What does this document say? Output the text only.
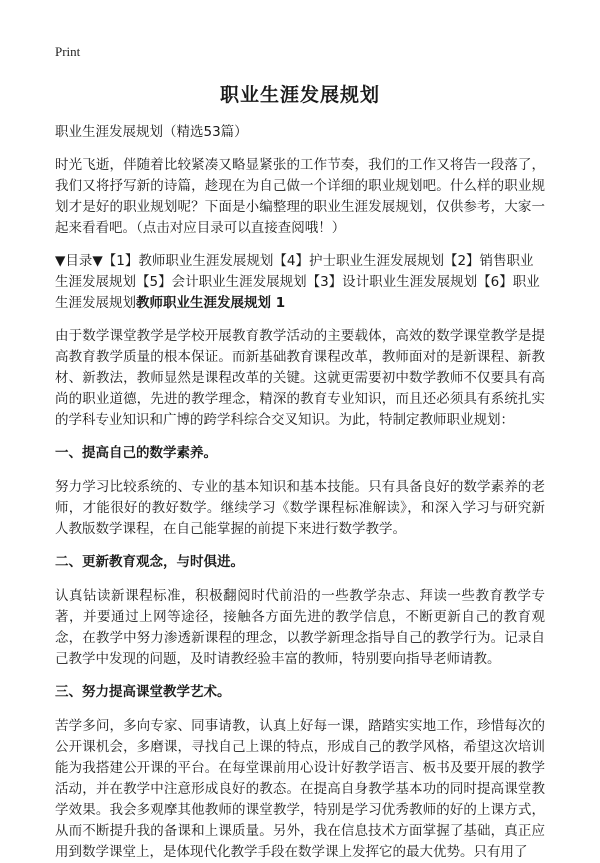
Print
职业生涯发展规划
职业生涯发展规划（精选53篇）
时光飞逝，伴随着比较紧凑又略显紧张的工作节奏，我们的工作又将告一段落了，我们又将抒写新的诗篇，趁现在为自己做一个详细的职业规划吧。什么样的职业规划才是好的职业规划呢？下面是小编整理的职业生涯发展规划，仅供参考，大家一起来看看吧。（点击对应目录可以直接查阅哦！）
▼目录▼【1】教师职业生涯发展规划【4】护士职业生涯发展规划【2】销售职业生涯发展规划【5】会计职业生涯发展规划【3】设计职业生涯发展规划【6】职业生涯发展规划教师职业生涯发展规划 1
由于数学课堂教学是学校开展教育教学活动的主要载体，高效的数学课堂教学是提高教育教学质量的根本保证。而新基础教育课程改革，教师面对的是新课程、新教材、新教法，教师显然是课程改革的关键。这就更需要初中数学教师不仅要具有高尚的职业道德，先进的教学理念，精深的教育专业知识，而且还必须具有系统扎实的学科专业知识和广博的跨学科综合交叉知识。为此，特制定教师职业规划：
一、提高自己的数学素养。
努力学习比较系统的、专业的基本知识和基本技能。只有具备良好的数学素养的老师，才能很好的教好数学。继续学习《数学课程标准解读》，和深入学习与研究新人教版数学课程，在自己能掌握的前提下来进行数学教学。
二、更新教育观念，与时俱进。
认真钻读新课程标准，积极翻阅时代前沿的一些教学杂志、拜读一些教育教学专著，并要通过上网等途径，接触各方面先进的教学信息，不断更新自己的教育观念，在教学中努力渗透新课程的理念，以教学新理念指导自己的教学行为。记录自己教学中发现的问题，及时请教经验丰富的教师，特别要向指导老师请教。
三、努力提高课堂教学艺术。
苦学多问，多向专家、同事请教，认真上好每一课，踏踏实实地工作，珍惜每次的公开课机会，多磨课，寻找自己上课的特点，形成自己的教学风格，希望这次培训能为我搭建公开课的平台。在每堂课前用心设计好教学语言、板书及要开展的教学活动，并在教学中注意形成良好的教态。在提高自身教学基本功的同时提高课堂教学效果。我会多观摩其他教师的课堂教学，特别是学习优秀教师的好的上课方式，从而不断提升我的备课和上课质量。另外，我在信息技术方面掌握了基础，真正应用到数学课堂上，是体现代化教学手段在数学课上发挥它的最大优势。只有用了
